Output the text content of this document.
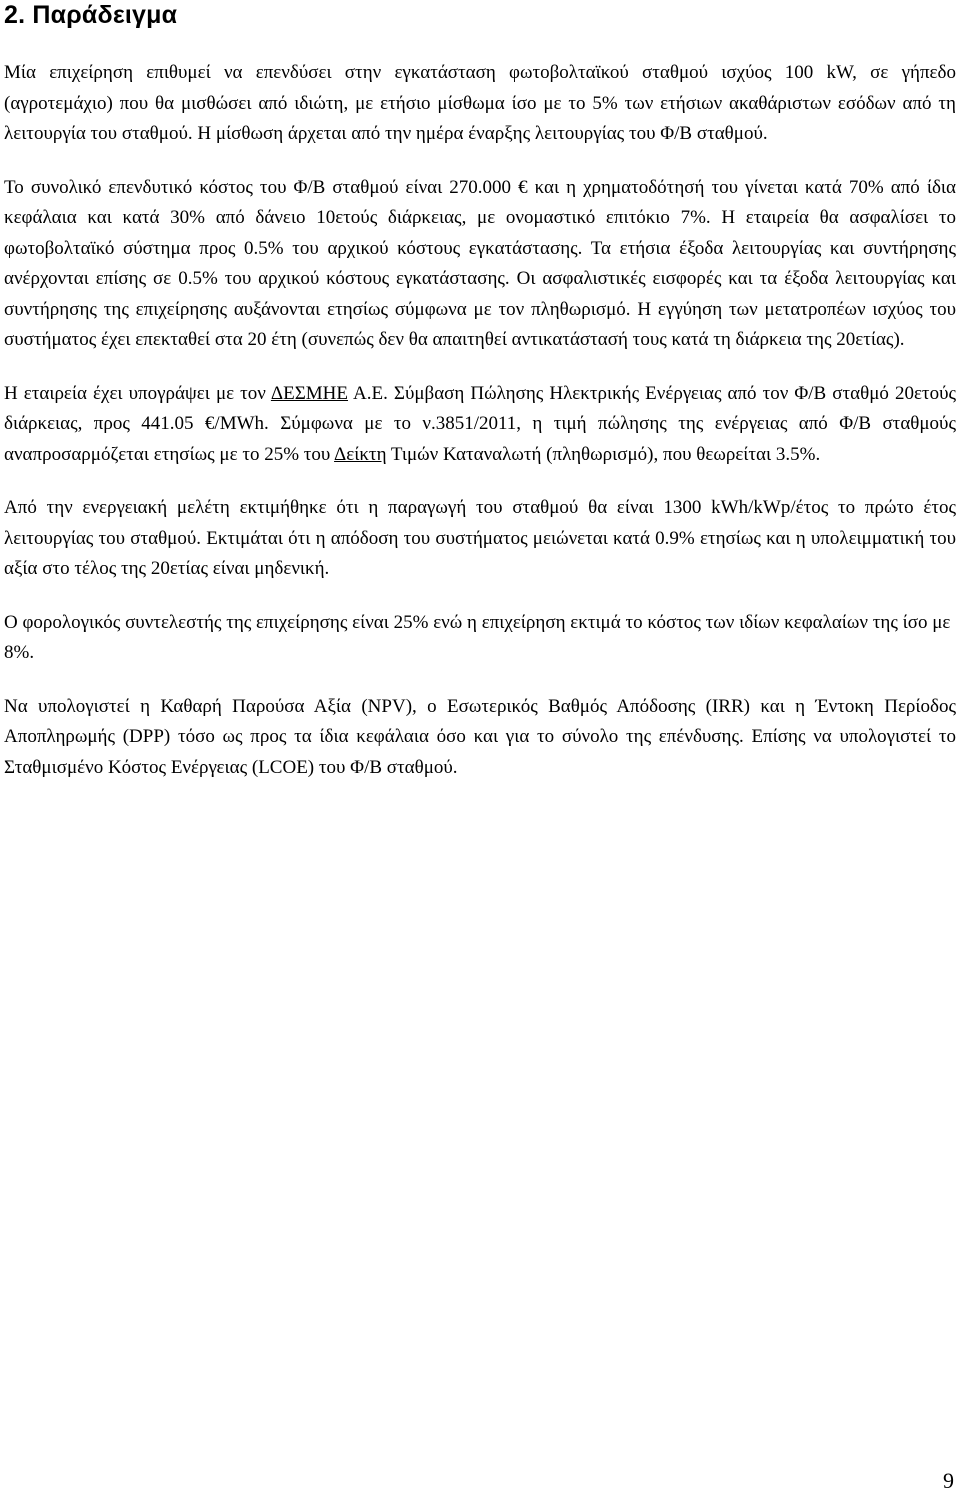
2. Παράδειγμα

Μία επιχείρηση επιθυμεί να επενδύσει στην εγκατάσταση φωτοβολταϊκού σταθμού ισχύος 100 kW, σε γήπεδο (αγροτεμάχιο) που θα μισθώσει από ιδιώτη, με ετήσιο μίσθωμα ίσο με το 5% των ετήσιων ακαθάριστων εσόδων από τη λειτουργία του σταθμού. Η μίσθωση άρχεται από την ημέρα έναρξης λειτουργίας του Φ/Β σταθμού.

Το συνολικό επενδυτικό κόστος του Φ/Β σταθμού είναι 270.000 € και η χρηματοδότησή του γίνεται κατά 70% από ίδια κεφάλαια και κατά 30% από δάνειο 10ετούς διάρκειας, με ονομαστικό επιτόκιο 7%. Η εταιρεία θα ασφαλίσει το φωτοβολταϊκό σύστημα προς 0.5% του αρχικού κόστους εγκατάστασης. Τα ετήσια έξοδα λειτουργίας και συντήρησης ανέρχονται επίσης σε 0.5% του αρχικού κόστους εγκατάστασης. Οι ασφαλιστικές εισφορές και τα έξοδα λειτουργίας και συντήρησης της επιχείρησης αυξάνονται ετησίως σύμφωνα με τον πληθωρισμό. Η εγγύηση των μετατροπέων ισχύος του συστήματος έχει επεκταθεί στα 20 έτη (συνεπώς δεν θα απαιτηθεί αντικατάστασή τους κατά τη διάρκεια της 20ετίας).

Η εταιρεία έχει υπογράψει με τον ΔΕΣΜΗΕ Α.Ε. Σύμβαση Πώλησης Ηλεκτρικής Ενέργειας από τον Φ/Β σταθμό 20ετούς διάρκειας, προς 441.05 €/MWh. Σύμφωνα με το ν.3851/2011, η τιμή πώλησης της ενέργειας από Φ/Β σταθμούς αναπροσαρμόζεται ετησίως με το 25% του Δείκτη Τιμών Καταναλωτή (πληθωρισμό), που θεωρείται 3.5%.

Από την ενεργειακή μελέτη εκτιμήθηκε ότι η παραγωγή του σταθμού θα είναι 1300 kWh/kWp/έτος το πρώτο έτος λειτουργίας του σταθμού. Εκτιμάται ότι η απόδοση του συστήματος μειώνεται κατά 0.9% ετησίως και η υπολειμματική του αξία στο τέλος της 20ετίας είναι μηδενική.

Ο φορολογικός συντελεστής της επιχείρησης είναι 25% ενώ η επιχείρηση εκτιμά το κόστος των ιδίων κεφαλαίων της ίσο με 8%.

Να υπολογιστεί η Καθαρή Παρούσα Αξία (NPV), ο Εσωτερικός Βαθμός Απόδοσης (IRR) και η Έντοκη Περίοδος Αποπληρωμής (DPP) τόσο ως προς τα ίδια κεφάλαια όσο και για το σύνολο της επένδυσης. Επίσης να υπολογιστεί το Σταθμισμένο Κόστος Ενέργειας (LCOE) του Φ/Β σταθμού.

9
